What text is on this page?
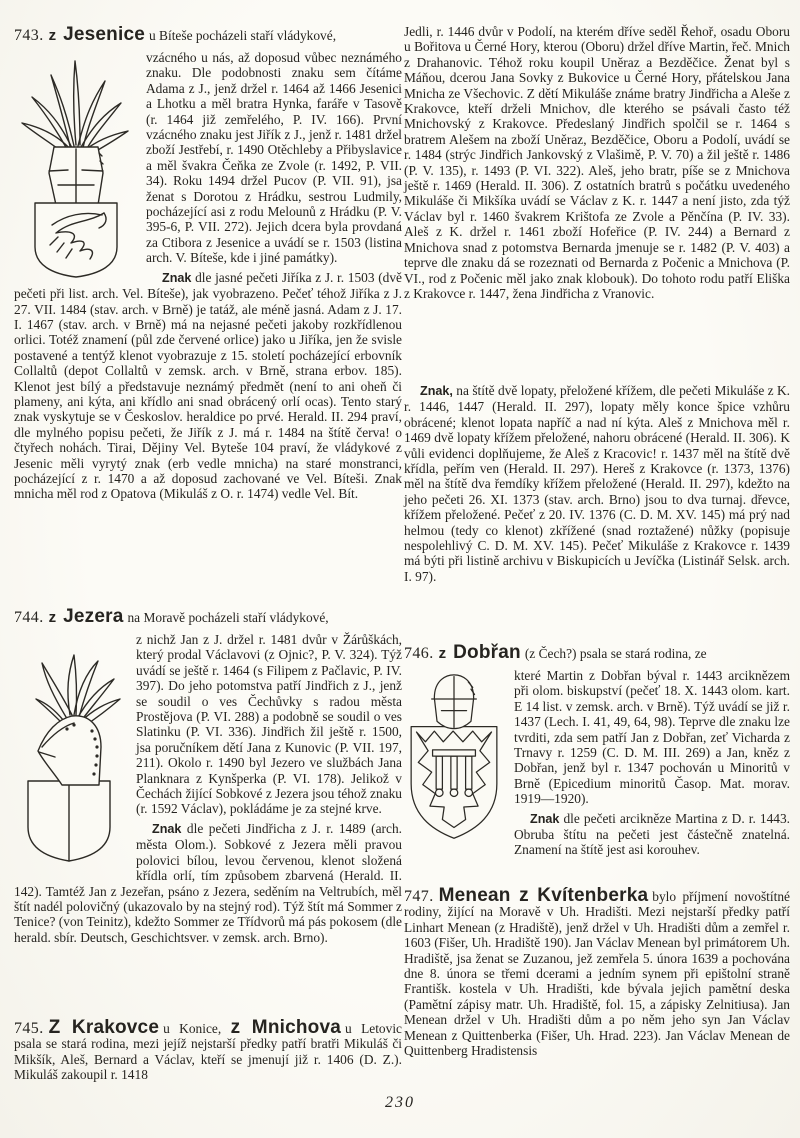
743. z Jesenice u Bíteše pocházeli staří vládykové,

vzácného u nás, až doposud vůbec neznámého znaku. Dle podobnosti znaku sem čítáme Adama z J., jenž držel r. 1464 až 1466 Jesenici a Lhotku a měl bratra Hynka, faráře v Tasově (r. 1464 již zemřelého, P. IV. 166). První vzácného znaku jest Jiřík z J., jenž r. 1481 držel zboží Jestřebí, r. 1490 Otěchleby a Přibyslavice a měl švakra Čeňka ze Zvole (r. 1492, P. VII. 34). Roku 1494 držel Pucov (P. VII. 91), jsa ženat s Dorotou z Hrádku, sestrou Ludmily, pocházející asi z rodu Melounů z Hrádku (P. V. 395-6, P. VII. 272). Jejich dcera byla provdaná za Ctibora z Jesenice a uvádí se r. 1503 (listina arch. V. Bíteše, kde i jiné památky).

Znak dle jasné pečeti Jiříka z J. r. 1503 (dvě pečeti při list. arch. Vel. Bíteše), jak vyobrazeno. Pečeť téhož Jiříka z J. 27. VII. 1484 (stav. arch. v Brně) je tatáž, ale méně jasná. Adam z J. 17. I. 1467 (stav. arch. v Brně) má na nejasné pečeti jakoby rozkřídlenou orlici. Totéž znamení (půl zde červené orlice) jako u Jiříka, jen že svisle postavené a tentýž klenot vyobrazuje z 15. století pocházející erbovník Collaltů (depot Collaltů v zemsk. arch. v Brně, strana erbov. 185). Klenot jest bílý a představuje neznámý předmět (není to ani oheň či plameny, ani kýta, ani křídlo ani snad obrácený orlí ocas). Tento starý znak vyskytuje se v Českoslov. heraldice po prvé. Herald. II. 294 praví, dle mylného popisu pečeti, že Jiřík z J. má r. 1484 na štítě červa! o čtyřech nohách. Tirai, Dějiny Vel. Byteše 104 praví, že vládykové z Jesenic měli vyrytý znak (erb vedle mnicha) na staré monstranci, pocházející z r. 1470 a až doposud zachované ve Vel. Bíteši. Znak mnicha měl rod z Opatova (Mikuláš z O. r. 1474) vedle Vel. Bít.

744. z Jezera na Moravě pocházeli staří vládykové,

z nichž Jan z J. držel r. 1481 dvůr v Žárůškách, který prodal Václavovi (z Ojnic?, P. V. 324). Týž uvádí se ještě r. 1464 (s Filipem z Pačlavic, P. IV. 397). Do jeho potomstva patří Jindřich z J., jenž se soudil o ves Čechůvky s radou města Prostějova (P. VI. 288) a podobně se soudil o ves Slatinku (P. VI. 336). Jindřich žil ještě r. 1500, jsa poručníkem dětí Jana z Kunovic (P. VII. 197, 211). Okolo r. 1490 byl Jezero ve službách Jana Planknara z Kynšperka (P. VI. 178). Jelikož v Čechách žijící Sobkové z Jezera jsou téhož znaku (r. 1592 Václav), pokládáme je za stejné krve.

Znak dle pečeti Jindřicha z J. r. 1489 (arch. města Olom.). Sobkové z Jezera měli pravou polovici bílou, levou červenou, klenot složená křídla orlí, tím způsobem zbarvená (Herald. II. 142). Tamtéž Jan z Jezeřan, psáno z Jezera, seděním na Veltrubích, měl štít nadél polovičný (ukazovalo by na stejný rod). Týž štít má Sommer z Tenice? (von Teinitz), kdežto Sommer ze Třídvorů má pás pokosem (dle herald. sbír. Deutsch, Geschichtsver. v zemsk. arch. Brno).

745. Z Krakovce u Konice, z Mnichova u Letovic psala se stará rodina, mezi jejíž nejstarší předky patří bratři Mikuláš či Mikšík, Aleš, Bernard a Václav, kteří se jmenují již r. 1406 (D. Z.). Mikuláš zakoupil r. 1418

Jedli, r. 1446 dvůr v Podolí, na kterém dříve seděl Řehoř, osadu Oboru u Bořitova u Černé Hory, kterou (Oboru) držel dříve Martin, řeč. Mnich z Drahanovic. Téhož roku koupil Uněraz a Bezděčice. Ženat byl s Máňou, dcerou Jana Sovky z Bukovice u Černé Hory, přátelskou Jana Mnicha ze Všechovic. Z dětí Mikuláše známe bratry Jindřicha a Aleše z Krakovce, kteří drželi Mnichov, dle kterého se psávali často též Mnichovský z Krakovce. Předeslaný Jindřich spolčil se r. 1464 s bratrem Alešem na zboží Uněraz, Bezděčice, Oboru a Podolí, uvádí se r. 1484 (strýc Jindřich Jankovský z Vlašimě, P. V. 70) a žil ještě r. 1486 (P. V. 135), r. 1493 (P. VI. 322). Aleš, jeho bratr, píše se z Mnichova ještě r. 1469 (Herald. II. 306). Z ostatních bratrů s počátku uvedeného Mikuláše či Mikšíka uvádí se Václav z K. r. 1447 a není jisto, zda týž Václav byl r. 1460 švakrem Krištofa ze Zvole a Pěnčína (P. IV. 33). Aleš z K. držel r. 1461 zboží Hofeřice (P. IV. 244) a Bernard z Mnichova snad z potomstva Bernarda jmenuje se r. 1482 (P. V. 403) a teprve dle znaku dá se rozeznati od Bernarda z Počenic a Mnichova (P. VI., rod z Počenic měl jako znak klobouk). Do tohoto rodu patří Eliška z Krakovce r. 1447, žena Jindřicha z Vranovic.

Znak, na štítě dvě lopaty, přeložené křížem, dle pečeti Mikuláše z K. r. 1446, 1447 (Herald. II. 297), lopaty měly konce špice vzhůru obrácené; klenot lopata napříč a nad ní kýta. Aleš z Mnichova měl r. 1469 dvě lopaty křížem přeložené, nahoru obrácené (Herald. II. 306). K vůli evidenci doplňujeme, že Aleš z Kracovic! r. 1437 měl na štítě dvě křídla, peřím ven (Herald. II. 297). Hereš z Krakovce (r. 1373, 1376) měl na štítě dva řemdíky křížem přeložené (Herald. II. 297), kdežto na jeho pečeti 26. XI. 1373 (stav. arch. Brno) jsou to dva turnaj. dřevce, křížem přeložené. Pečeť z 20. IV. 1376 (C. D. M. XV. 145) má prý nad helmou (tedy co klenot) zkřížené (snad roztažené) nůžky (popisuje nespolehlivý C. D. M. XV. 145). Pečeť Mikuláše z Krakovce r. 1439 má býti při listině archivu v Biskupicích u Jevíčka (Listinář Selsk. arch. I. 97).

746. z Dobřan (z Čech?) psala se stará rodina, ze

které Martin z Dobřan býval r. 1443 arciknězem při olom. biskupství (pečeť 18. X. 1443 olom. kart. E 14 list. v zemsk. arch. v Brně). Týž uvádí se již r. 1437 (Lech. I. 41, 49, 64, 98). Teprve dle znaku lze tvrditi, zda sem patří Jan z Dobřan, zeť Vicharda z Trnavy r. 1259 (C. D. M. III. 269) a Jan, kněz z Dobřan, jenž byl r. 1347 pochován u Minoritů v Brně (Epicedium minoritů Časop. Mat. morav. 1919—1920).

Znak dle pečeti arcikněze Martina z D. r. 1443. Obruba štítu na pečeti jest částečně znatelná. Znamení na štítě jest asi korouhev.

747. Menean z Kvítenberka bylo příjmení novoštítné rodiny, žijící na Moravě v Uh. Hradišti. Mezi nejstarší předky patří Linhart Menean (z Hradiště), jenž držel v Uh. Hradišti dům a zemřel r. 1603 (Fišer, Uh. Hradiště 190). Jan Václav Menean byl primátorem Uh. Hradiště, jsa ženat se Zuzanou, jež zemřela 5. února 1639 a pochována dne 8. února se třemi dcerami a jedním synem při epištolní straně Františk. kostela v Uh. Hradišti, kde bývala jejich pamětní deska (Pamětní zápisy matr. Uh. Hradiště, fol. 15, a zápisky Zelnitiusa). Jan Menean držel v Uh. Hradišti dům a po něm jeho syn Jan Václav Menean z Quittenberka (Fišer, Uh. Hrad. 223). Jan Václav Menean de Quittenberg Hradistensis

230
